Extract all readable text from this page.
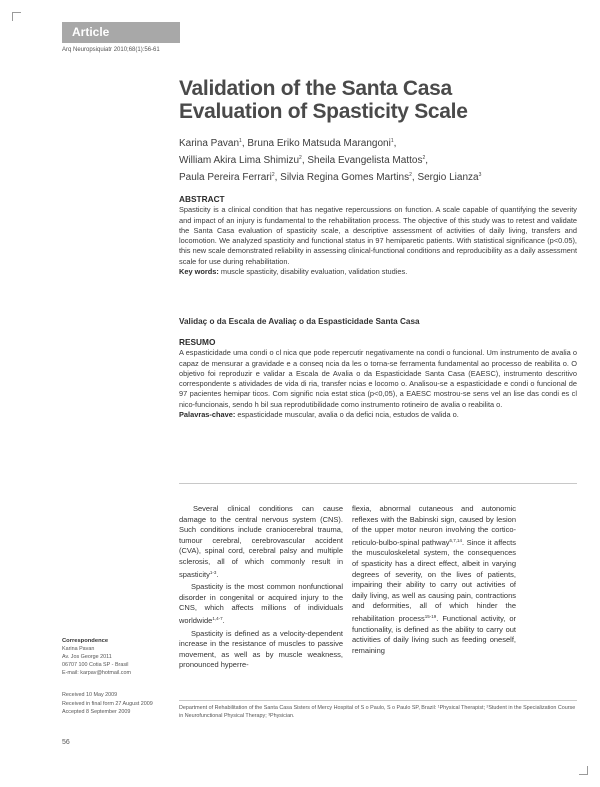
Article
Arq Neuropsiquiatr 2010;68(1):56-61
Validation of the Santa Casa
Evaluation of Spasticity Scale
Karina Pavan$^1$, Bruna Eriko Matsuda Marangoni$^1$,
William Akira Lima Shimizu$^2$, Sheila Evangelista Mattos$^2$,
Paula Pereira Ferrari$^2$, Silvia Regina Gomes Martins$^2$, Sergio Lianza$^3$
ABSTRACT
Spasticity is a clinical condition that has negative repercussions on function. A scale capable of quantifying the severity and impact of an injury is fundamental to the rehabilitation process. The objective of this study was to retest and validate the Santa Casa evaluation of spasticity scale, a descriptive assessment of activities of daily living, transfers and locomotion. We analyzed spasticity and functional status in 97 hemiparetic patients. With statistical significance (p<0.05), this new scale demonstrated reliability in assessing clinical-functional conditions and reproducibility as a daily assessment scale for use during rehabilitation.
Key words: muscle spasticity, disability evaluation, validation studies.
Validaç o da Escala de Avaliaç o da Espasticidade Santa Casa
RESUMO
A espasticidade uma condi o cl nica que pode repercutir negativamente na condi o funcional. Um instrumento de avalia o capaz de mensurar a gravidade e a conseq ncia da les o torna-se ferramenta fundamental ao processo de reabilita o. O objetivo foi reproduzir e validar a Escala de Avalia o da Espasticidade Santa Casa (EAESC), instrumento descritivo correspondente s atividades de vida di ria, transfer ncias e locomo o. Analisou-se a espasticidade e condi o funcional de 97 pacientes hemipar ticos. Com signific ncia estat stica (p<0,05), a EAESC mostrou-se sens vel an lise das condi es cl nico-funcionais, sendo h bil sua reprodutibilidade como instrumento rotineiro de avalia o reabilita o.
Palavras-chave: espasticidade muscular, avalia o da defici ncia, estudos de valida o.

Several clinical conditions can cause damage to the central nervous system (CNS). Such conditions include craniocerebral trauma, tumour cerebral, cerebrovascular accident (CVA), spinal cord, cerebral palsy and multiple sclerosis, all of which commonly result in spasticity$^{1-3}$.

Spasticity is the most common nonfunctional disorder in congenital or acquired injury to the CNS, which affects millions of individuals worldwide$^{1,4-7}$.

Spasticity is defined as a velocity-dependent increase in the resistance of muscles to passive movement, as well as by muscle weakness, pronounced hyperre-

flexia, abnormal cutaneous and autonomic reflexes with the Babinski sign, caused by lesion of the upper motor neuron involving the cortico-reticulo-bulbo-spinal pathway$^{6,7,14}$. Since it affects the musculoskeletal system, the consequences of spasticity has a direct effect, albeit in varying degrees of severity, on the lives of patients, impairing their ability to carry out activities of daily living, as well as causing pain, contractions and deformities, all of which hinder the rehabilitation process$^{15-19}$. Functional activity, or functionality, is defined as the ability to carry out activities of daily living such as feeding oneself, remaining

Correspondence
Karina Pavan
Av. Jos George 2011
06707 100 Cotia SP - Brasil
E-mail: karpav@hotmail.com
Received 10 May 2009
Received in final form 27 August 2009
Accepted 8 September 2009
Department of Rehabilitation of the Santa Casa Sisters of Mercy Hospital of S o Paulo, S o Paulo SP, Brazil: ¹Physical Therapist; ²Student in the Specialization Course in Neurofunctional Physical Therapy; ³Physician.
56
